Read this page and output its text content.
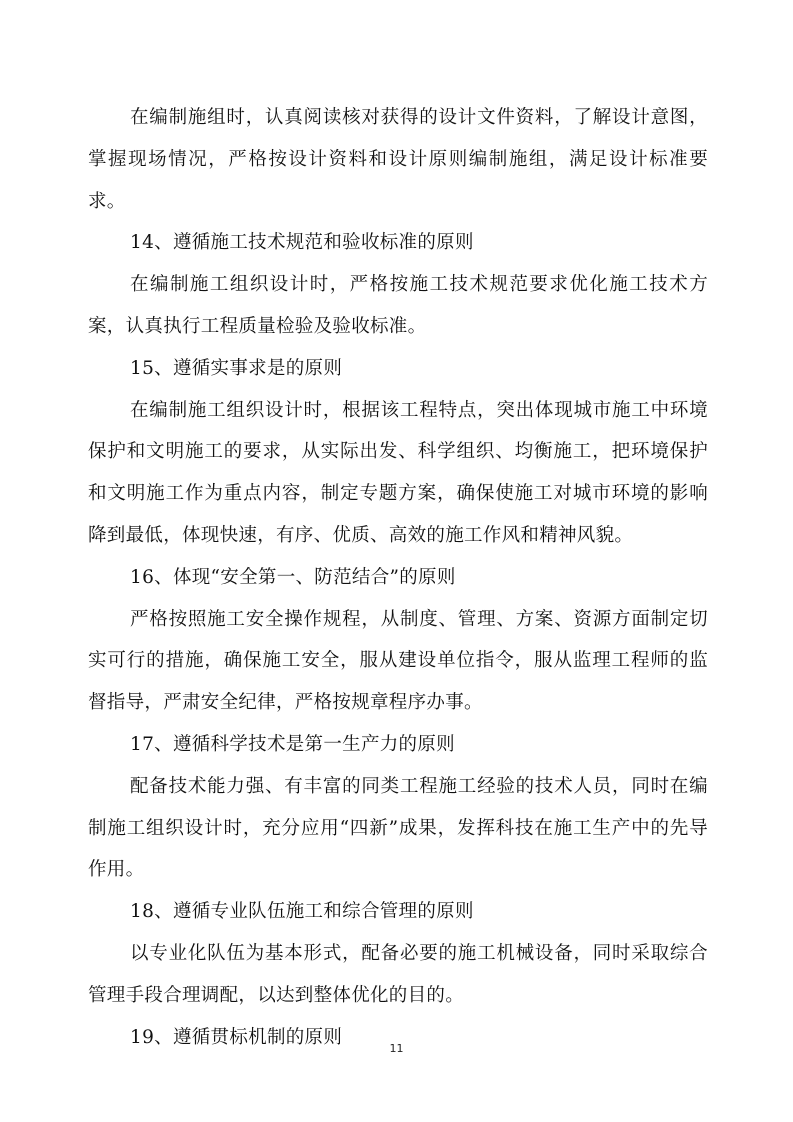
在编制施组时，认真阅读核对获得的设计文件资料，了解设计意图，掌握现场情况，严格按设计资料和设计原则编制施组，满足设计标准要求。

14、遵循施工技术规范和验收标准的原则

在编制施工组织设计时，严格按施工技术规范要求优化施工技术方案，认真执行工程质量检验及验收标准。

15、遵循实事求是的原则

在编制施工组织设计时，根据该工程特点，突出体现城市施工中环境保护和文明施工的要求，从实际出发、科学组织、均衡施工，把环境保护和文明施工作为重点内容，制定专题方案，确保使施工对城市环境的影响降到最低，体现快速，有序、优质、高效的施工作风和精神风貌。

16、体现“安全第一、防范结合”的原则

严格按照施工安全操作规程，从制度、管理、方案、资源方面制定切实可行的措施，确保施工安全，服从建设单位指令，服从监理工程师的监督指导，严肃安全纪律，严格按规章程序办事。

17、遵循科学技术是第一生产力的原则

配备技术能力强、有丰富的同类工程施工经验的技术人员，同时在编制施工组织设计时，充分应用“四新”成果，发挥科技在施工生产中的先导作用。

18、遵循专业队伍施工和综合管理的原则

以专业化队伍为基本形式，配备必要的施工机械设备，同时采取综合管理手段合理调配，以达到整体优化的目的。

19、遵循贯标机制的原则

11
